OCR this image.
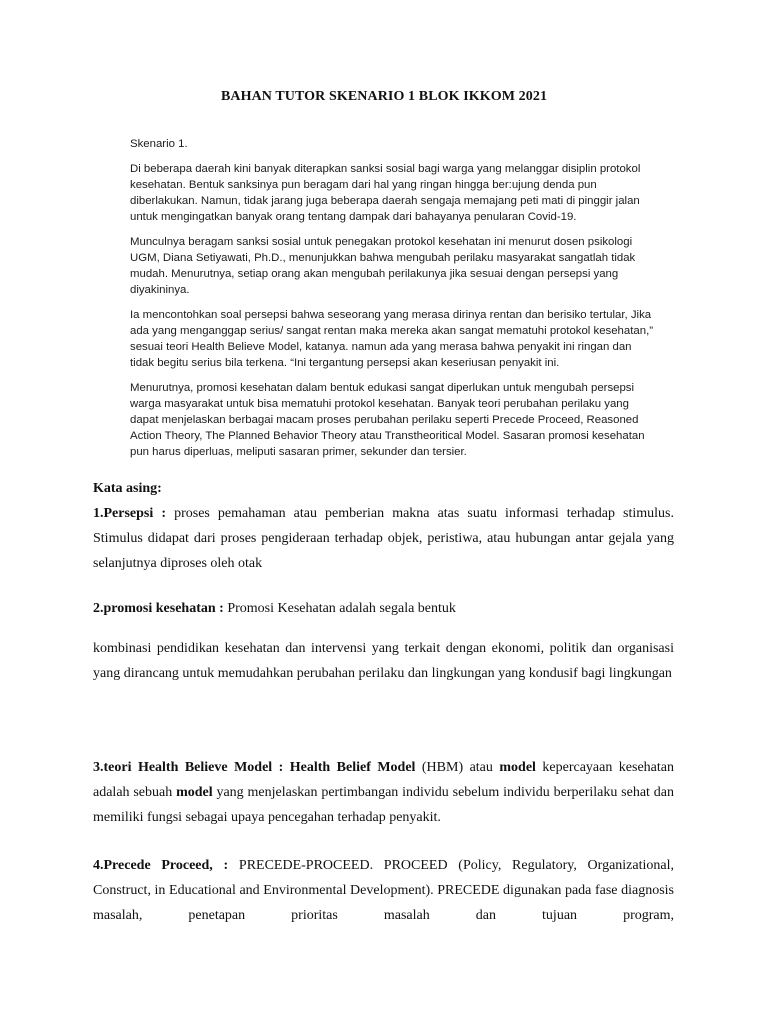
BAHAN TUTOR SKENARIO 1 BLOK IKKOM 2021
Skenario 1.

Di beberapa daerah kini banyak diterapkan sanksi sosial bagi warga yang melanggar disiplin protokol kesehatan. Bentuk sanksinya pun beragam dari hal yang ringan hingga ber:ujung denda pun diberlakukan. Namun, tidak jarang juga beberapa daerah sengaja memajang peti mati di pinggir jalan untuk mengingatkan banyak orang tentang dampak dari bahayanya penularan Covid-19.

Munculnya beragam sanksi sosial untuk penegakan protokol kesehatan ini menurut dosen psikologi UGM, Diana Setiyawati, Ph.D., menunjukkan bahwa mengubah perilaku masyarakat sangatlah tidak mudah. Menurutnya, setiap orang akan mengubah perilakunya jika sesuai dengan persepsi yang diyakininya.

Ia mencontohkan soal persepsi bahwa seseorang yang merasa dirinya rentan dan berisiko tertular, Jika ada yang menganggap serius/ sangat rentan maka mereka akan sangat mematuhi protokol kesehatan,” sesuai teori Health Believe Model, katanya. namun ada yang merasa bahwa penyakit ini ringan dan tidak begitu serius bila terkena. “Ini tergantung persepsi akan keseriusan penyakit ini.

Menurutnya, promosi kesehatan dalam bentuk edukasi sangat diperlukan untuk mengubah persepsi warga masyarakat untuk bisa mematuhi protokol kesehatan. Banyak teori perubahan perilaku yang dapat menjelaskan berbagai macam proses perubahan perilaku seperti Precede Proceed, Reasoned Action Theory, The Planned Behavior Theory atau Transtheoritical Model. Sasaran promosi kesehatan pun harus diperluas, meliputi sasaran primer, sekunder dan tersier.

Kata asing:
1.Persepsi : proses pemahaman atau pemberian makna atas suatu informasi terhadap stimulus. Stimulus didapat dari proses pengideraan terhadap objek, peristiwa, atau hubungan antar gejala yang selanjutnya diproses oleh otak
2.promosi kesehatan : Promosi Kesehatan adalah segala bentuk
kombinasi pendidikan kesehatan dan intervensi yang terkait dengan ekonomi, politik dan organisasi yang dirancang untuk memudahkan perubahan perilaku dan lingkungan yang kondusif bagi lingkungan
3.teori Health Believe Model : Health Belief Model (HBM) atau model kepercayaan kesehatan adalah sebuah model yang menjelaskan pertimbangan individu sebelum individu berperilaku sehat dan memiliki fungsi sebagai upaya pencegahan terhadap penyakit.
4.Precede Proceed, : PRECEDE-PROCEED. PROCEED (Policy, Regulatory, Organizational, Construct, in Educational and Environmental Development). PRECEDE digunakan pada fase diagnosis masalah, penetapan prioritas masalah dan tujuan program,
